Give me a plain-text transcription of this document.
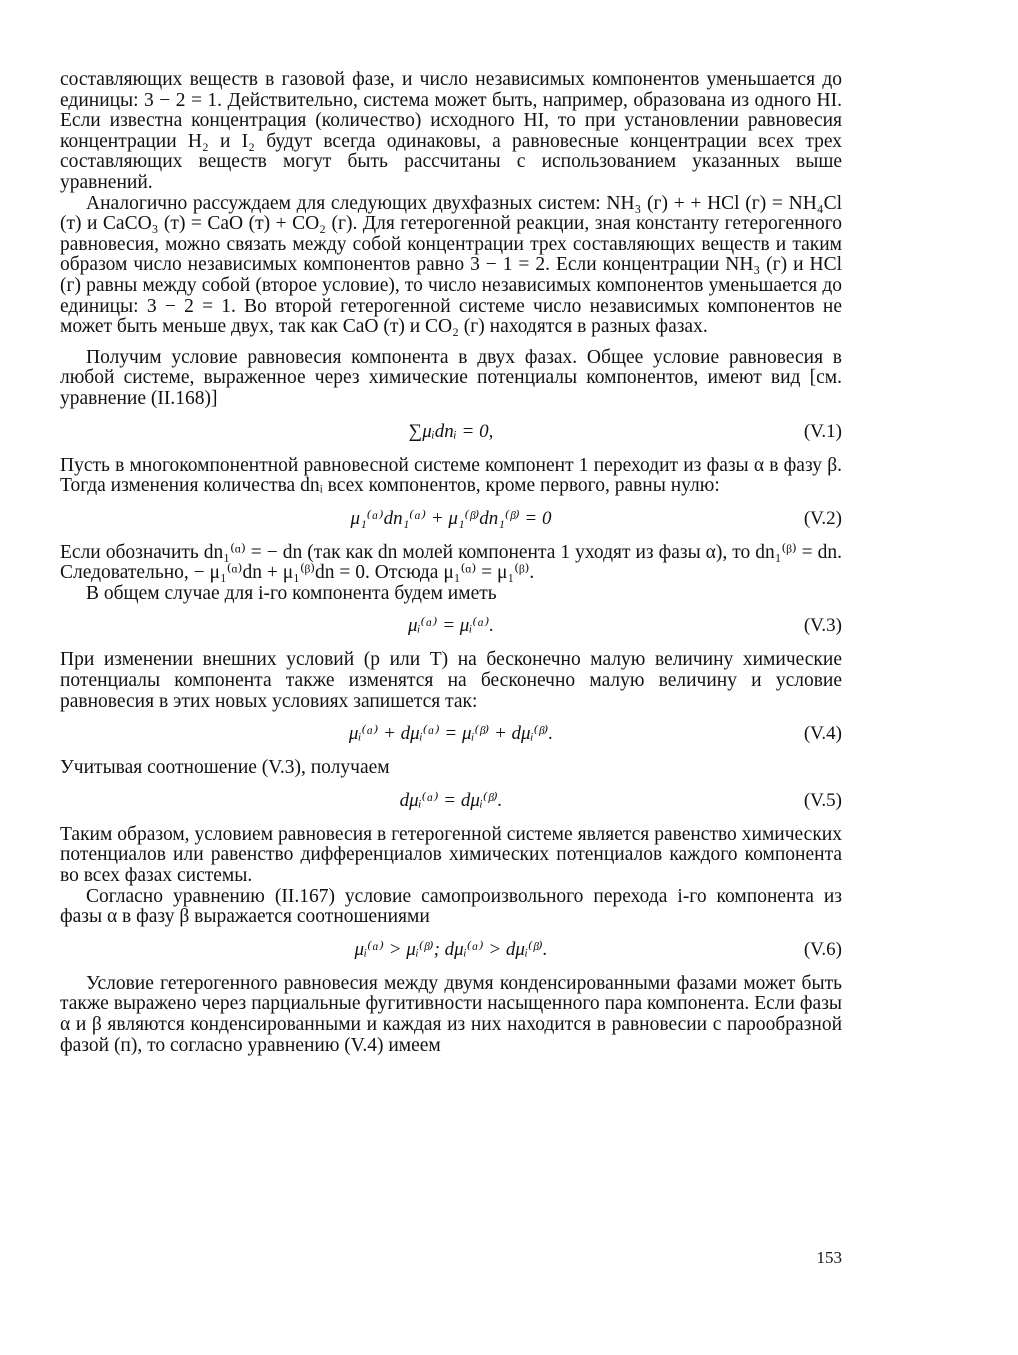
составляющих веществ в газовой фазе, и число независимых компонентов уменьшается до единицы: 3 − 2 = 1. Действительно, система может быть, например, образована из одного HI. Если известна концентрация (количество) исходного HI, то при установлении равновесия концентрации H₂ и I₂ будут всегда одинаковы, а равновесные концентрации всех трех составляющих веществ могут быть рассчитаны с использованием указанных выше уравнений.

Аналогично рассуждаем для следующих двухфазных систем: NH₃ (г) + + HCl (г) = NH₄Cl (т) и CaCO₃ (т) = CaO (т) + CO₂ (г). Для гетерогенной реакции, зная константу гетерогенного равновесия, можно связать между собой концентрации трех составляющих веществ и таким образом число независимых компонентов равно 3 − 1 = 2. Если концентрации NH₃ (г) и HCl (г) равны между собой (второе условие), то число независимых компонентов уменьшается до единицы: 3 − 2 = 1. Во второй гетерогенной системе число независимых компонентов не может быть меньше двух, так как CaO (т) и CO₂ (г) находятся в разных фазах.

Получим условие равновесия компонента в двух фазах. Общее условие равновесия в любой системе, выраженное через химические потенциалы компонентов, имеют вид [см. уравнение (II.168)]

∑μᵢdnᵢ = 0,	(V.1)

Пусть в многокомпонентной равновесной системе компонент 1 переходит из фазы α в фазу β. Тогда изменения количества dnᵢ всех компонентов, кроме первого, равны нулю:

μ₁⁽ᵅ⁾dn₁⁽ᵅ⁾ + μ₁⁽ᵝ⁾dn₁⁽ᵝ⁾ = 0	(V.2)

Если обозначить dn₁⁽ᵅ⁾ = − dn (так как dn молей компонента 1 уходят из фазы α), то dn₁⁽ᵝ⁾ = dn. Следовательно, − μ₁⁽ᵅ⁾dn + μ₁⁽ᵝ⁾dn = 0. Отсюда μ₁⁽ᵅ⁾ = μ₁⁽ᵝ⁾.

В общем случае для i-го компонента будем иметь

μᵢ⁽ᵅ⁾ = μᵢ⁽ᵅ⁾.	(V.3)

При изменении внешних условий (p или T) на бесконечно малую величину химические потенциалы компонента также изменятся на бесконечно малую величину и условие равновесия в этих новых условиях запишется так:

μᵢ⁽ᵅ⁾ + dμᵢ⁽ᵅ⁾ = μᵢ⁽ᵝ⁾ + dμᵢ⁽ᵝ⁾.	(V.4)

Учитывая соотношение (V.3), получаем

dμᵢ⁽ᵅ⁾ = dμᵢ⁽ᵝ⁾.	(V.5)

Таким образом, условием равновесия в гетерогенной системе является равенство химических потенциалов или равенство дифференциалов химических потенциалов каждого компонента во всех фазах системы.

Согласно уравнению (II.167) условие самопроизвольного перехода i-го компонента из фазы α в фазу β выражается соотношениями

μᵢ⁽ᵅ⁾ > μᵢ⁽ᵝ⁾; dμᵢ⁽ᵅ⁾ > dμᵢ⁽ᵝ⁾.	(V.6)

Условие гетерогенного равновесия между двумя конденсированными фазами может быть также выражено через парциальные фугитивности насыщенного пара компонента. Если фазы α и β являются конденсированными и каждая из них находится в равновесии с парообразной фазой (п), то согласно уравнению (V.4) имеем

153
